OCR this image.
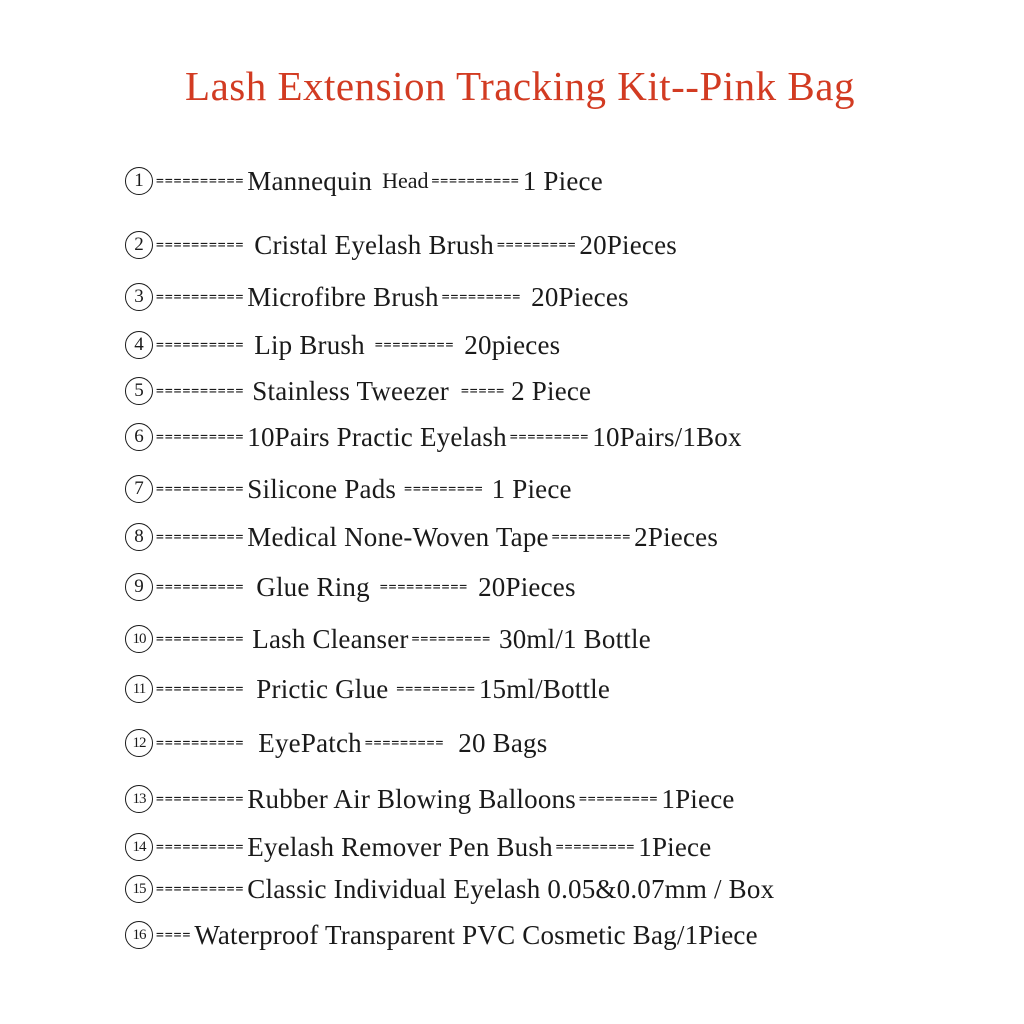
Lash Extension Tracking Kit--Pink Bag
1 ========== Mannequin Head ========== 1 Piece
2 ========== Cristal Eyelash Brush ========= 20Pieces
3 ========== Microfibre Brush ========= 20Pieces
4 ========== Lip Brush ========= 20pieces
5 ========== Stainless Tweezer ===== 2 Piece
6 ========== 10Pairs Practic Eyelash ========= 10Pairs/1Box
7 ========== Silicone Pads ========= 1 Piece
8 ========== Medical None-Woven Tape ========= 2Pieces
9 ========== Glue Ring ========== 20Pieces
10 ========== Lash Cleanser ========= 30ml/1 Bottle
11 ========== Prictic Glue ========= 15ml/Bottle
12 ========== EyePatch ========= 20 Bags
13 ========== Rubber Air Blowing Balloons ========= 1Piece
14 ========== Eyelash Remover Pen Bush ========= 1Piece
15 ========== Classic Individual Eyelash 0.05&0.07mm / Box
16 ==== Waterproof Transparent PVC Cosmetic Bag/1Piece
